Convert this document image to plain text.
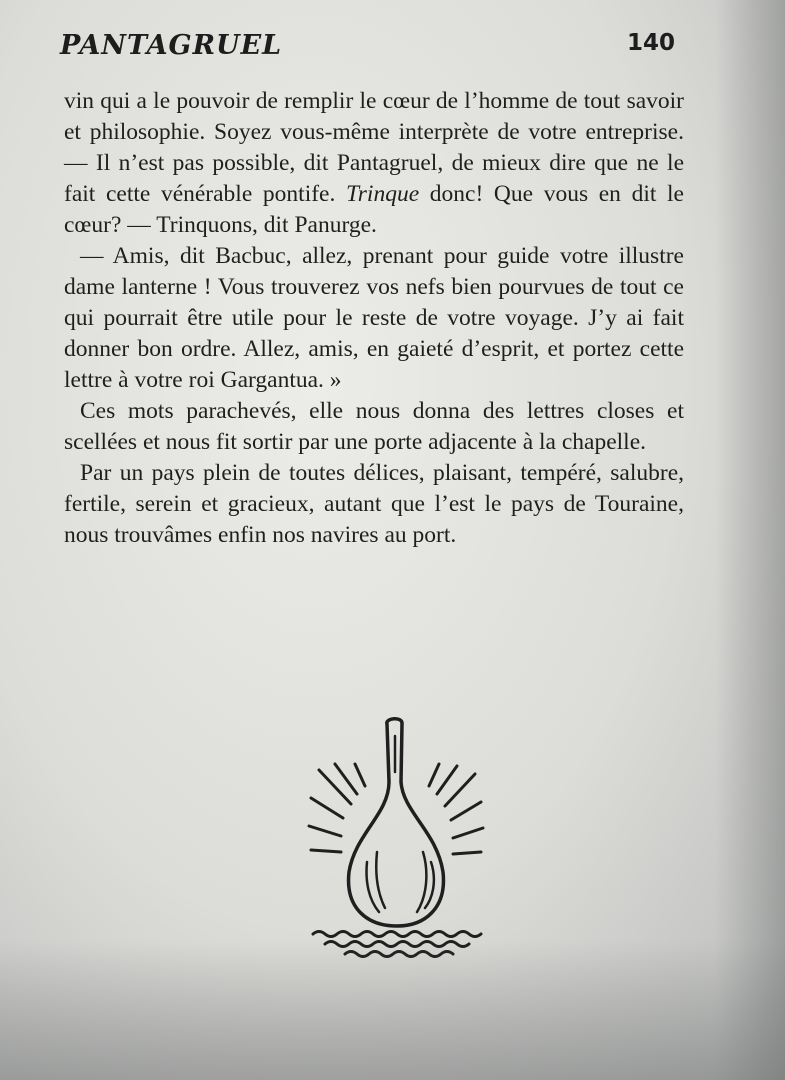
PANTAGRUEL	140

vin qui a le pouvoir de remplir le cœur de l’homme de tout savoir et philosophie. Soyez vous-même interprète de votre entreprise. — Il n’est pas possible, dit Pantagruel, de mieux dire que ne le fait cette vénérable pontife. Trinque donc! Que vous en dit le cœur? — Trinquons, dit Panurge.

— Amis, dit Bacbuc, allez, prenant pour guide votre illustre dame lanterne ! Vous trouverez vos nefs bien pourvues de tout ce qui pourrait être utile pour le reste de votre voyage. J’y ai fait donner bon ordre. Allez, amis, en gaieté d’esprit, et portez cette lettre à votre roi Gargantua. »

Ces mots parachevés, elle nous donna des lettres closes et scellées et nous fit sortir par une porte adjacente à la chapelle.

Par un pays plein de toutes délices, plaisant, tempéré, salubre, fertile, serein et gracieux, autant que l’est le pays de Touraine, nous trouvâmes enfin nos navires au port.
